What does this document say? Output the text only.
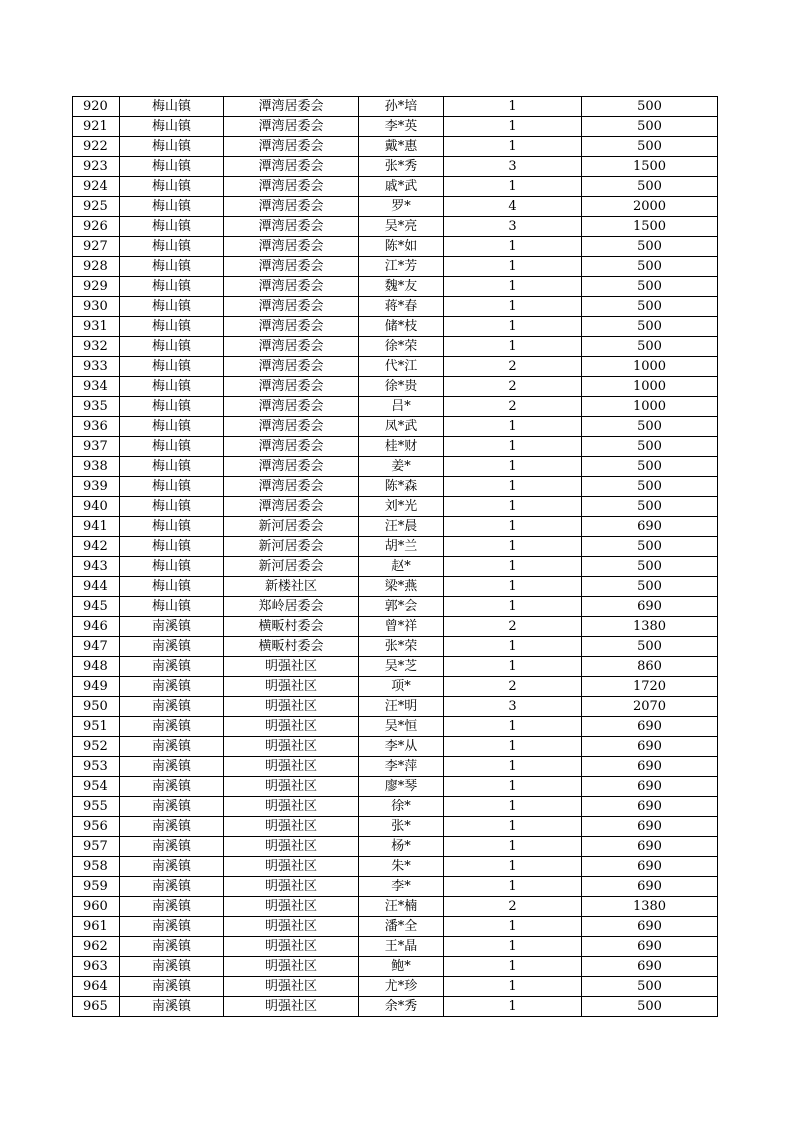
920	梅山镇	潭湾居委会	孙*培	1	500
921	梅山镇	潭湾居委会	李*英	1	500
922	梅山镇	潭湾居委会	戴*惠	1	500
923	梅山镇	潭湾居委会	张*秀	3	1500
924	梅山镇	潭湾居委会	戚*武	1	500
925	梅山镇	潭湾居委会	罗*	4	2000
926	梅山镇	潭湾居委会	吴*亮	3	1500
927	梅山镇	潭湾居委会	陈*如	1	500
928	梅山镇	潭湾居委会	江*芳	1	500
929	梅山镇	潭湾居委会	魏*友	1	500
930	梅山镇	潭湾居委会	蒋*春	1	500
931	梅山镇	潭湾居委会	储*枝	1	500
932	梅山镇	潭湾居委会	徐*荣	1	500
933	梅山镇	潭湾居委会	代*江	2	1000
934	梅山镇	潭湾居委会	徐*贵	2	1000
935	梅山镇	潭湾居委会	吕*	2	1000
936	梅山镇	潭湾居委会	凤*武	1	500
937	梅山镇	潭湾居委会	桂*财	1	500
938	梅山镇	潭湾居委会	姜*	1	500
939	梅山镇	潭湾居委会	陈*森	1	500
940	梅山镇	潭湾居委会	刘*光	1	500
941	梅山镇	新河居委会	汪*晨	1	690
942	梅山镇	新河居委会	胡*兰	1	500
943	梅山镇	新河居委会	赵*	1	500
944	梅山镇	新楼社区	梁*燕	1	500
945	梅山镇	郑岭居委会	郭*会	1	690
946	南溪镇	横畈村委会	曾*祥	2	1380
947	南溪镇	横畈村委会	张*荣	1	500
948	南溪镇	明强社区	吴*芝	1	860
949	南溪镇	明强社区	项*	2	1720
950	南溪镇	明强社区	汪*明	3	2070
951	南溪镇	明强社区	吴*恒	1	690
952	南溪镇	明强社区	李*从	1	690
953	南溪镇	明强社区	李*萍	1	690
954	南溪镇	明强社区	廖*琴	1	690
955	南溪镇	明强社区	徐*	1	690
956	南溪镇	明强社区	张*	1	690
957	南溪镇	明强社区	杨*	1	690
958	南溪镇	明强社区	朱*	1	690
959	南溪镇	明强社区	李*	1	690
960	南溪镇	明强社区	汪*楠	2	1380
961	南溪镇	明强社区	潘*全	1	690
962	南溪镇	明强社区	王*晶	1	690
963	南溪镇	明强社区	鲍*	1	690
964	南溪镇	明强社区	尤*珍	1	500
965	南溪镇	明强社区	余*秀	1	500
